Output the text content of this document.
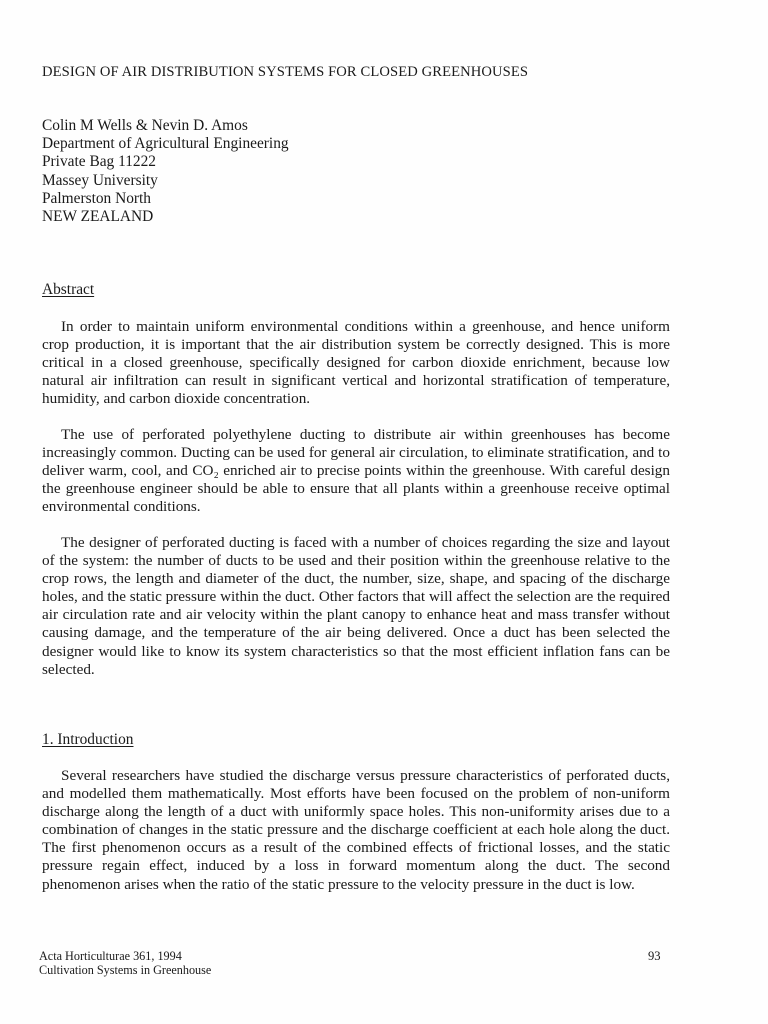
DESIGN OF AIR DISTRIBUTION SYSTEMS FOR CLOSED GREENHOUSES
Colin M Wells & Nevin D. Amos
Department of Agricultural Engineering
Private Bag 11222
Massey University
Palmerston North
NEW ZEALAND
Abstract

In order to maintain uniform environmental conditions within a greenhouse, and hence uniform crop production, it is important that the air distribution system be correctly designed. This is more critical in a closed greenhouse, specifically designed for carbon dioxide enrichment, because low natural air infiltration can result in significant vertical and horizontal stratification of temperature, humidity, and carbon dioxide concentration.

The use of perforated polyethylene ducting to distribute air within greenhouses has become increasingly common. Ducting can be used for general air circulation, to eliminate stratification, and to deliver warm, cool, and CO₂ enriched air to precise points within the greenhouse. With careful design the greenhouse engineer should be able to ensure that all plants within a greenhouse receive optimal environmental conditions.

The designer of perforated ducting is faced with a number of choices regarding the size and layout of the system: the number of ducts to be used and their position within the greenhouse relative to the crop rows, the length and diameter of the duct, the number, size, shape, and spacing of the discharge holes, and the static pressure within the duct. Other factors that will affect the selection are the required air circulation rate and air velocity within the plant canopy to enhance heat and mass transfer without causing damage, and the temperature of the air being delivered. Once a duct has been selected the designer would like to know its system characteristics so that the most efficient inflation fans can be selected.

1. Introduction

Several researchers have studied the discharge versus pressure characteristics of perforated ducts, and modelled them mathematically. Most efforts have been focused on the problem of non-uniform discharge along the length of a duct with uniformly space holes. This non-uniformity arises due to a combination of changes in the static pressure and the discharge coefficient at each hole along the duct. The first phenomenon occurs as a result of the combined effects of frictional losses, and the static pressure regain effect, induced by a loss in forward momentum along the duct. The second phenomenon arises when the ratio of the static pressure to the velocity pressure in the duct is low.

Acta Horticulturae 361, 1994
Cultivation Systems in Greenhouse
93
